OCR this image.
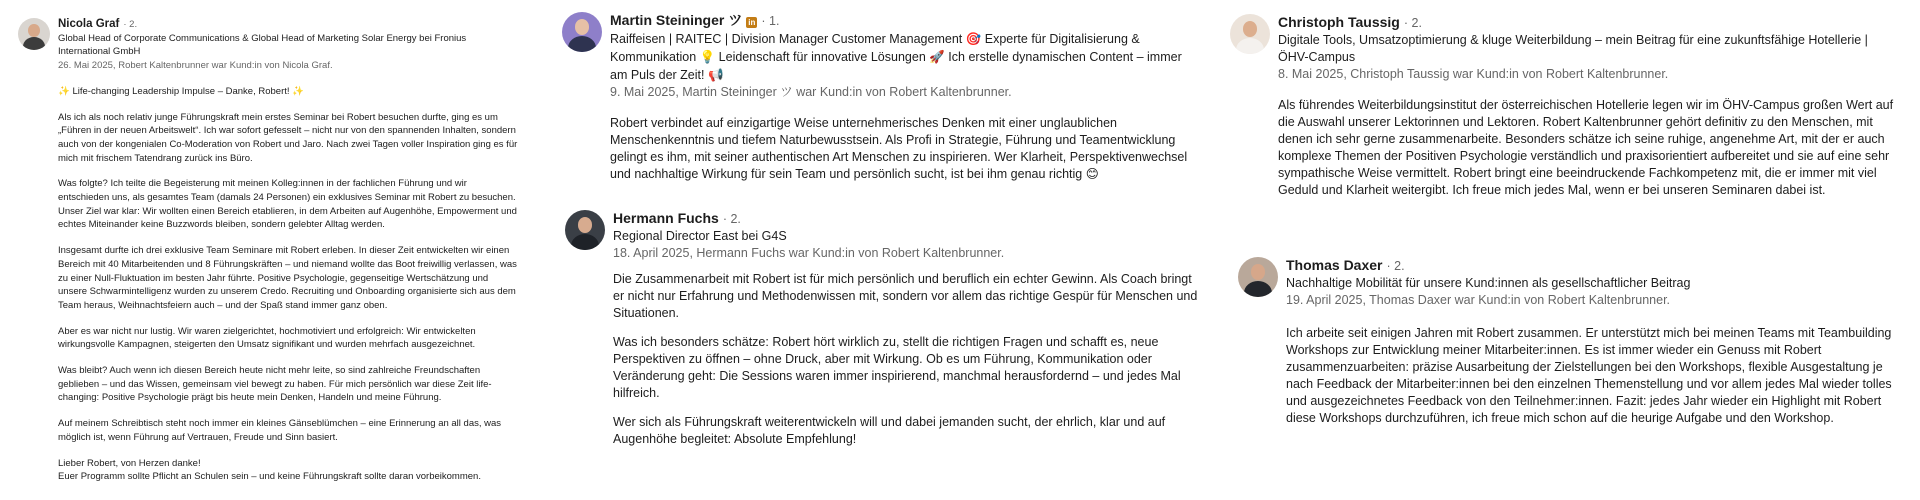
Nicola Graf · 2.
Global Head of Corporate Communications & Global Head of Marketing Solar Energy bei Fronius International GmbH
26. Mai 2025, Robert Kaltenbrunner war Kund:in von Nicola Graf.

✨ Life-changing Leadership Impulse – Danke, Robert! ✨

Als ich als noch relativ junge Führungskraft mein erstes Seminar bei Robert besuchen durfte, ging es um „Führen in der neuen Arbeitswelt“. Ich war sofort gefesselt – nicht nur von den spannenden Inhalten, sondern auch von der kongenialen Co-Moderation von Robert und Jaro. Nach zwei Tagen voller Inspiration ging es für mich mit frischem Tatendrang zurück ins Büro.

Was folgte? Ich teilte die Begeisterung mit meinen Kolleg:innen in der fachlichen Führung und wir entschieden uns, als gesamtes Team (damals 24 Personen) ein exklusives Seminar mit Robert zu besuchen. Unser Ziel war klar: Wir wollten einen Bereich etablieren, in dem Arbeiten auf Augenhöhe, Empowerment und echtes Miteinander keine Buzzwords bleiben, sondern gelebter Alltag werden.

Insgesamt durfte ich drei exklusive Team Seminare mit Robert erleben. In dieser Zeit entwickelten wir einen Bereich mit 40 Mitarbeitenden und 8 Führungskräften – und niemand wollte das Boot freiwillig verlassen, was zu einer Null-Fluktuation im besten Jahr führte. Positive Psychologie, gegenseitige Wertschätzung und unsere Schwarmintelligenz wurden zu unserem Credo. Recruiting und Onboarding organisierte sich aus dem Team heraus, Weihnachtsfeiern auch – und der Spaß stand immer ganz oben.

Aber es war nicht nur lustig. Wir waren zielgerichtet, hochmotiviert und erfolgreich: Wir entwickelten wirkungsvolle Kampagnen, steigerten den Umsatz signifikant und wurden mehrfach ausgezeichnet.

Was bleibt? Auch wenn ich diesen Bereich heute nicht mehr leite, so sind zahlreiche Freundschaften geblieben – und das Wissen, gemeinsam viel bewegt zu haben. Für mich persönlich war diese Zeit life-changing: Positive Psychologie prägt bis heute mein Denken, Handeln und meine Führung.

Auf meinem Schreibtisch steht noch immer ein kleines Gänseblümchen – eine Erinnerung an all das, was möglich ist, wenn Führung auf Vertrauen, Freude und Sinn basiert.

Lieber Robert, von Herzen danke!
Euer Programm sollte Pflicht an Schulen sein – und keine Führungskraft sollte daran vorbeikommen.

Martin Steininger ツ in · 1.
Raiffeisen | RAITEC | Division Manager Customer Management 🎯 Experte für Digitalisierung & Kommunikation 💡 Leidenschaft für innovative Lösungen 🚀 Ich erstelle dynamischen Content – immer am Puls der Zeit! 📢
9. Mai 2025, Martin Steininger ツ war Kund:in von Robert Kaltenbrunner.

Robert verbindet auf einzigartige Weise unternehmerisches Denken mit einer unglaublichen Menschenkenntnis und tiefem Naturbewusstsein. Als Profi in Strategie, Führung und Teamentwicklung gelingt es ihm, mit seiner authentischen Art Menschen zu inspirieren. Wer Klarheit, Perspektivenwechsel und nachhaltige Wirkung für sein Team und persönlich sucht, ist bei ihm genau richtig 😊

Hermann Fuchs · 2.
Regional Director East bei G4S
18. April 2025, Hermann Fuchs war Kund:in von Robert Kaltenbrunner.

Die Zusammenarbeit mit Robert ist für mich persönlich und beruflich ein echter Gewinn. Als Coach bringt er nicht nur Erfahrung und Methodenwissen mit, sondern vor allem das richtige Gespür für Menschen und Situationen.

Was ich besonders schätze: Robert hört wirklich zu, stellt die richtigen Fragen und schafft es, neue Perspektiven zu öffnen – ohne Druck, aber mit Wirkung. Ob es um Führung, Kommunikation oder Veränderung geht: Die Sessions waren immer inspirierend, manchmal herausfordernd – und jedes Mal hilfreich.

Wer sich als Führungskraft weiterentwickeln will und dabei jemanden sucht, der ehrlich, klar und auf Augenhöhe begleitet: Absolute Empfehlung!

Christoph Taussig · 2.
Digitale Tools, Umsatzoptimierung & kluge Weiterbildung – mein Beitrag für eine zukunftsfähige Hotellerie | ÖHV-Campus
8. Mai 2025, Christoph Taussig war Kund:in von Robert Kaltenbrunner.

Als führendes Weiterbildungsinstitut der österreichischen Hotellerie legen wir im ÖHV-Campus großen Wert auf die Auswahl unserer Lektorinnen und Lektoren. Robert Kaltenbrunner gehört definitiv zu den Menschen, mit denen ich sehr gerne zusammenarbeite. Besonders schätze ich seine ruhige, angenehme Art, mit der er auch komplexe Themen der Positiven Psychologie verständlich und praxisorientiert aufbereitet und sie auf eine sehr sympathische Weise vermittelt. Robert bringt eine beeindruckende Fachkompetenz mit, die er immer mit viel Geduld und Klarheit weitergibt. Ich freue mich jedes Mal, wenn er bei unseren Seminaren dabei ist.

Thomas Daxer · 2.
Nachhaltige Mobilität für unsere Kund:innen als gesellschaftlicher Beitrag
19. April 2025, Thomas Daxer war Kund:in von Robert Kaltenbrunner.

Ich arbeite seit einigen Jahren mit Robert zusammen. Er unterstützt mich bei meinen Teams mit Teambuilding Workshops zur Entwicklung meiner Mitarbeiter:innen. Es ist immer wieder ein Genuss mit Robert zusammenzuarbeiten: präzise Ausarbeitung der Zielstellungen bei den Workshops, flexible Ausgestaltung je nach Feedback der Mitarbeiter:innen bei den einzelnen Themenstellung und vor allem jedes Mal wieder tolles und ausgezeichnetes Feedback von den Teilnehmer:innen. Fazit: jedes Jahr wieder ein Highlight mit Robert diese Workshops durchzuführen, ich freue mich schon auf die heurige Aufgabe und den Workshop.
